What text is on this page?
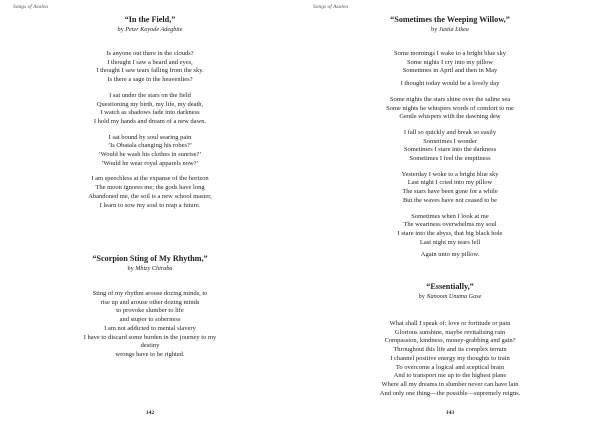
Songs of Azalea
“In the Field,”
by Peter Kayode Adegbite
Is anyone out there in the clouds?
I thought I saw a beard and eyes,
I thought I saw tears falling from the sky.
Is there a sage in the heavenlies?
I sat under the stars on the field
Questioning my birth, my life, my death,
I watch as shadows fade into darkness
I hold my hands and dream of a new dawn.
I sat bound by soul searing pain
’Is Obatala changing his robes?’
’Would he wash his clothes in sunrise?’
’Would he wear royal apparels now?’
I am speechless at the expanse of the horizon
The moon ignores me; the gods have long
Abandoned me, the soil is a new school master,
I learn to sow my soul to reap a future.
“Scorpion Sting of My Rhythm,”
by Mhizy Chiraba
Sting of my rhythm arouse dozing minds, to
rise up and arouse other dozing minds
to provoke slumber to life
and stupor to soberness
I am not addicted to mental slavery
I have to discard some burden in the journey to my
destiny
wrongs have to be righted.
142
Songs of Azalea
“Sometimes the Weeping Willow,”
by Justia Likea
Some mornings I wake to a bright blue sky
Some nights I cry into my pillow
Sometimes in April and then in May
I thought today would be a lovely day
Some nights the stars shine over the saline sea
Some nights he whispers words of comfort to me
Gentle whispers with the dawning dew
I fall so quickly and break so easily
Sometimes I wonder
Sometimes I stare into the darkness
Sometimes I feel the emptiness
Yesterday I woke to a bright blue sky
Last night I cried into my pillow
The stars have been gone for a while
But the waves have not ceased to be
Sometimes when I look at me
The weariness overwhelms my soul
I stare into the abyss, that big black hole
Last night my tears fell
Again unto my pillow.
“Essentially,”
by Nanoom Unama Gase
What shall I speak of: love or fortitude or pain
Glorious sunshine, maybe revitalising rain
Compassion, kindness, money-grabbing and gain?
Throughout this life and its complex terrain
I channel positive energy my thoughts to train
To overcome a logical and sceptical brain
And to transport me up to the highest plane
Where all my dreams in slumber never can have lain
And only one thing—the possible—supremely reigns.
143
